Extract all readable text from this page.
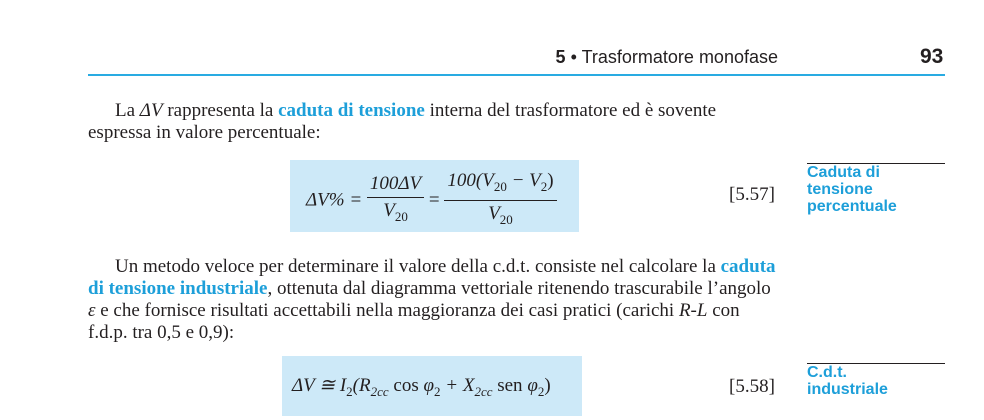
5 • Trasformatore monofase	93

La ΔV rappresenta la caduta di tensione interna del trasformatore ed è sovente espressa in valore percentuale:

$\Delta V\% = \frac{100\Delta V}{V_{20}} = \frac{100(V_{20} - V_2)}{V_{20}}$	[5.57]
Caduta di
tensione
percentuale

Un metodo veloce per determinare il valore della c.d.t. consiste nel calcolare la caduta di tensione industriale, ottenuta dal diagramma vettoriale ritenendo trascurabile l’angolo ε e che fornisce risultati accettabili nella maggioranza dei casi pratici (carichi R-L con f.d.p. tra 0,5 e 0,9):

ΔV ≅ $I_2(R_{2cc}$ $\cos \varphi_2 + X_{2cc}$ sen $\varphi_2$)	[5.58]
C.d.t.
industriale
